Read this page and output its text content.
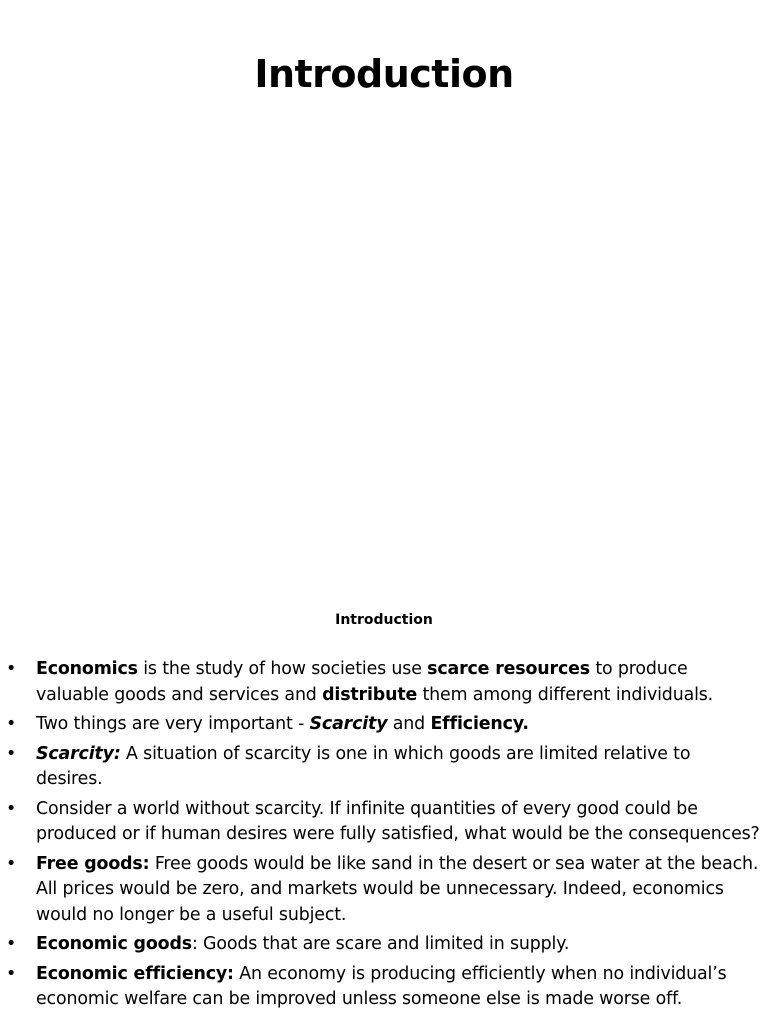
Introduction
Introduction
• Economics is the study of how societies use scarce resources to produce valuable goods and services and distribute them among different individuals.
• Two things are very important - Scarcity and Efficiency.
• Scarcity: A situation of scarcity is one in which goods are limited relative to desires.
• Consider a world without scarcity. If infinite quantities of every good could be produced or if human desires were fully satisfied, what would be the consequences?
• Free goods: Free goods would be like sand in the desert or sea water at the beach. All prices would be zero, and markets would be unnecessary. Indeed, economics would no longer be a useful subject.
• Economic goods: Goods that are scare and limited in supply.
• Economic efficiency: An economy is producing efficiently when no individual’s economic welfare can be improved unless someone else is made worse off.
